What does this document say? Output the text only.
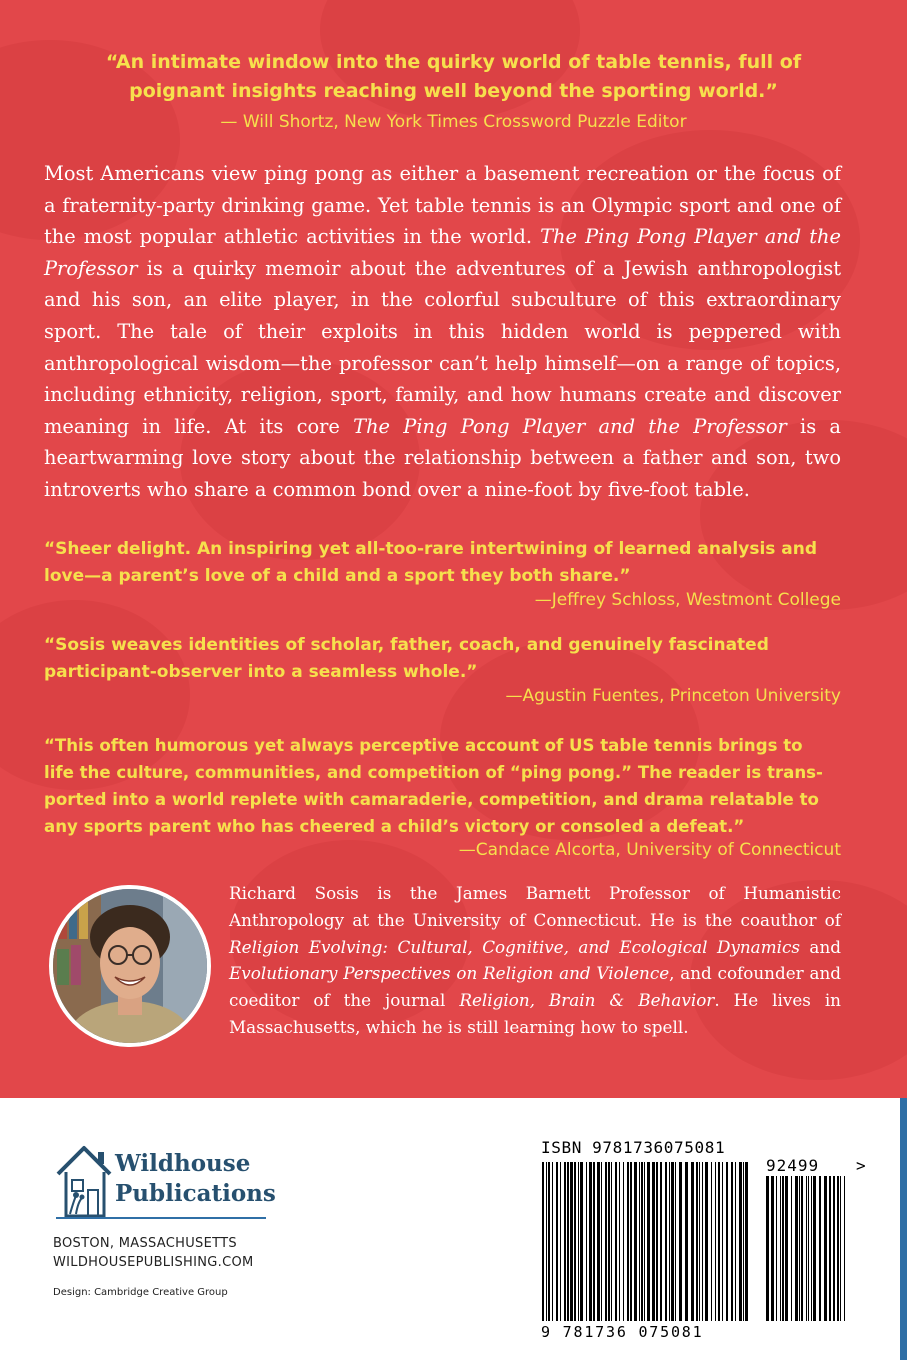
“An intimate window into the quirky world of table tennis, full of
poignant insights reaching well beyond the sporting world.”
— Will Shortz, New York Times Crossword Puzzle Editor
Most Americans view ping pong as either a basement recreation or the focus of a fraternity-party drinking game. Yet table tennis is an Olympic sport and one of the most popular athletic activities in the world. The Ping Pong Player and the Professor is a quirky memoir about the adventures of a Jewish anthropologist and his son, an elite player, in the colorful subculture of this extraordinary sport. The tale of their exploits in this hidden world is peppered with anthropological wisdom—the professor can’t help himself—on a range of topics, including ethnicity, religion, sport, family, and how humans create and discover meaning in life. At its core The Ping Pong Player and the Professor is a heartwarming love story about the relationship between a father and son, two introverts who share a common bond over a nine-foot by five-foot table.
“Sheer delight. An inspiring yet all-too-rare intertwining of learned analysis and
love—a parent’s love of a child and a sport they both share.”
—Jeffrey Schloss, Westmont College
“Sosis weaves identities of scholar, father, coach, and genuinely fascinated
participant-observer into a seamless whole.”
—Agustin Fuentes, Princeton University
“This often humorous yet always perceptive account of US table tennis brings to
life the culture, communities, and competition of “ping pong.” The reader is trans-
ported into a world replete with camaraderie, competition, and drama relatable to
any sports parent who has cheered a child’s victory or consoled a defeat.”
—Candace Alcorta, University of Connecticut
Richard Sosis is the James Barnett Professor of Humanistic Anthropology at the University of Connecticut. He is the coauthor of Religion Evolving: Cultural, Cognitive, and Ecological Dynamics and Evolutionary Perspectives on Religion and Violence, and cofounder and coeditor of the journal Religion, Brain & Behavior. He lives in Massachusetts, which he is still learning how to spell.
Wildhouse
Publications
BOSTON, MASSACHUSETTS
WILDHOUSEPUBLISHING.COM
Design: Cambridge Creative Group
ISBN 9781736075081
92499 >
9 781736 075081
